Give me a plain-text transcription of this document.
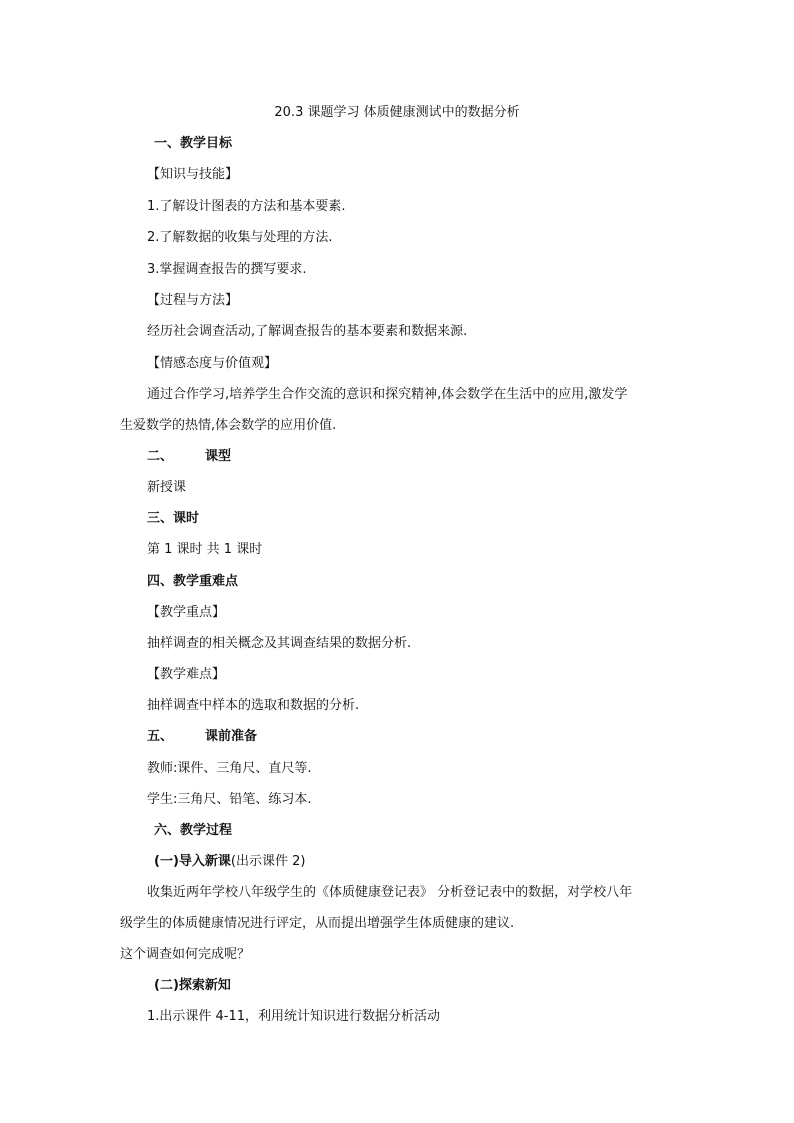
20.3 课题学习 体质健康测试中的数据分析
一、教学目标
【知识与技能】
1.了解设计图表的方法和基本要素.
2.了解数据的收集与处理的方法.
3.掌握调查报告的撰写要求.
【过程与方法】
经历社会调查活动,了解调查报告的基本要素和数据来源.
【情感态度与价值观】
通过合作学习,培养学生合作交流的意识和探究精神,体会数学在生活中的应用,激发学
生爱数学的热情,体会数学的应用价值.
二、 课型
新授课
三、课时
第 1 课时 共 1 课时
四、教学重难点
【教学重点】
抽样调查的相关概念及其调查结果的数据分析.
【教学难点】
抽样调查中样本的选取和数据的分析.
五、 课前准备
教师:课件、三角尺、直尺等.
学生:三角尺、铅笔、练习本.
六、教学过程
(一)导入新课(出示课件 2)
收集近两年学校八年级学生的《体质健康登记表》 分析登记表中的数据，对学校八年
级学生的体质健康情况进行评定，从而提出增强学生体质健康的建议.
这个调查如何完成呢？
(二)探索新知
1.出示课件 4-11，利用统计知识进行数据分析活动
